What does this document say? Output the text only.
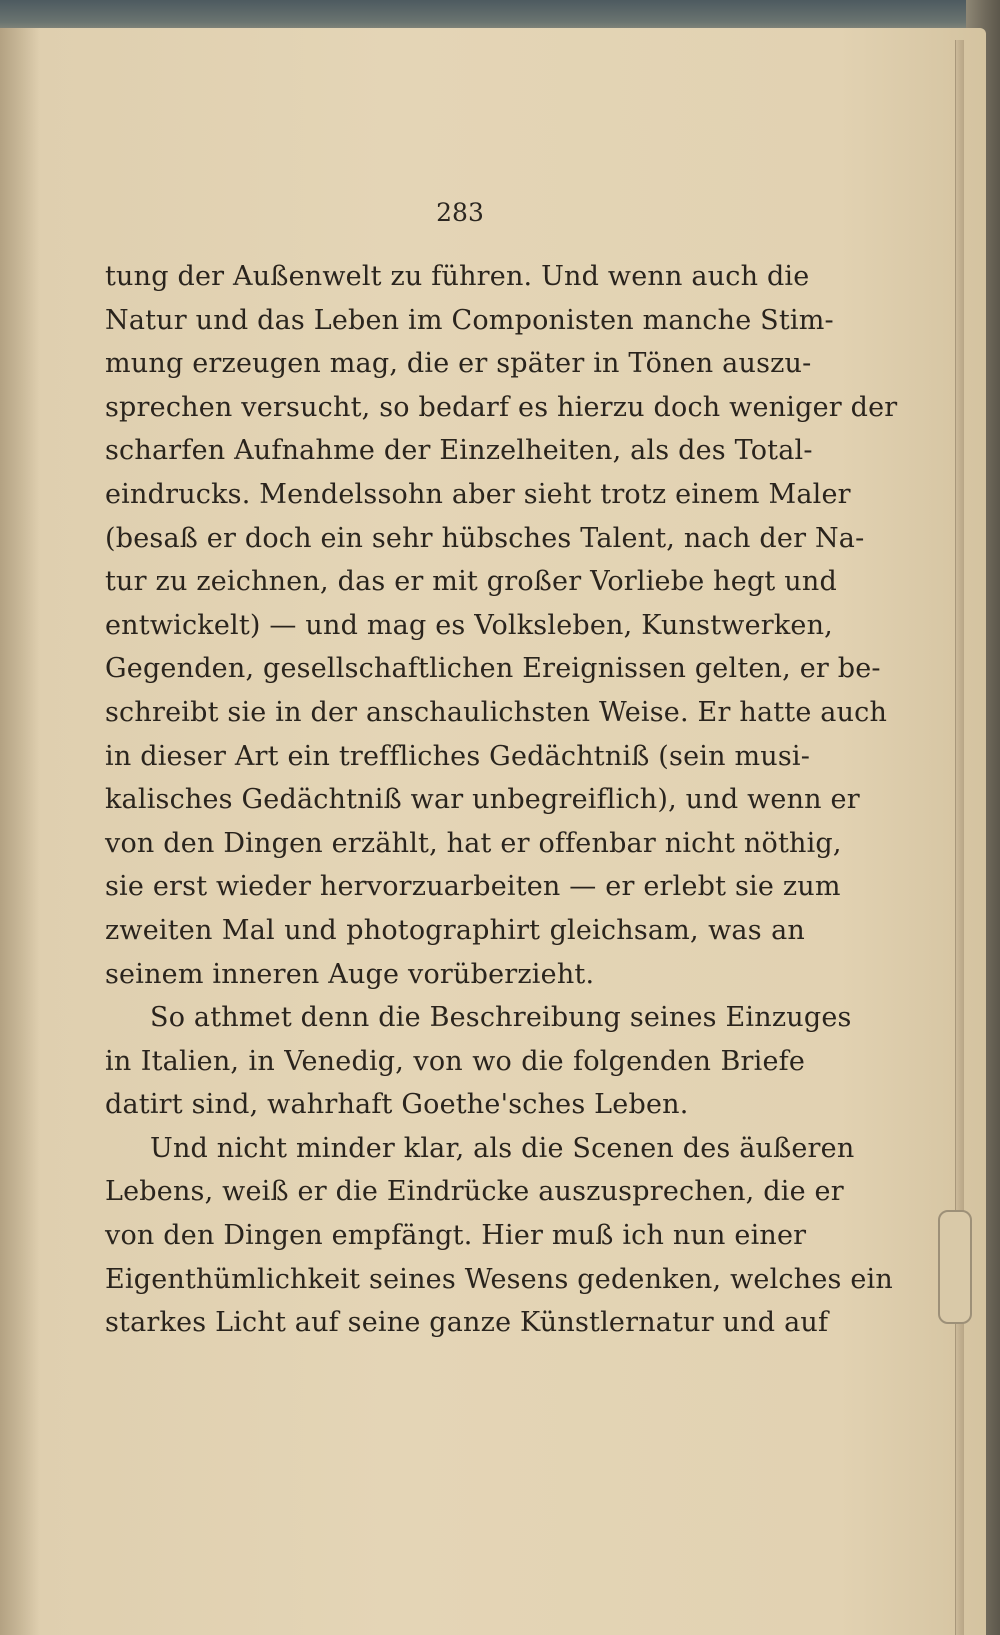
283
tung der Außenwelt zu führen. Und wenn auch die
Natur und das Leben im Componisten manche Stim-
mung erzeugen mag, die er später in Tönen auszu-
sprechen versucht, so bedarf es hierzu doch weniger der
scharfen Aufnahme der Einzelheiten, als des Total-
eindrucks. Mendelssohn aber sieht trotz einem Maler
(besaß er doch ein sehr hübsches Talent, nach der Na-
tur zu zeichnen, das er mit großer Vorliebe hegt und
entwickelt) — und mag es Volksleben, Kunstwerken,
Gegenden, gesellschaftlichen Ereignissen gelten, er be-
schreibt sie in der anschaulichsten Weise. Er hatte auch
in dieser Art ein treffliches Gedächtniß (sein musi-
kalisches Gedächtniß war unbegreiflich), und wenn er
von den Dingen erzählt, hat er offenbar nicht nöthig,
sie erst wieder hervorzuarbeiten — er erlebt sie zum
zweiten Mal und photographirt gleichsam, was an
seinem inneren Auge vorüberzieht.
So athmet denn die Beschreibung seines Einzuges
in Italien, in Venedig, von wo die folgenden Briefe
datirt sind, wahrhaft Goethe'sches Leben.
Und nicht minder klar, als die Scenen des äußeren
Lebens, weiß er die Eindrücke auszusprechen, die er
von den Dingen empfängt. Hier muß ich nun einer
Eigenthümlichkeit seines Wesens gedenken, welches ein
starkes Licht auf seine ganze Künstlernatur und auf
